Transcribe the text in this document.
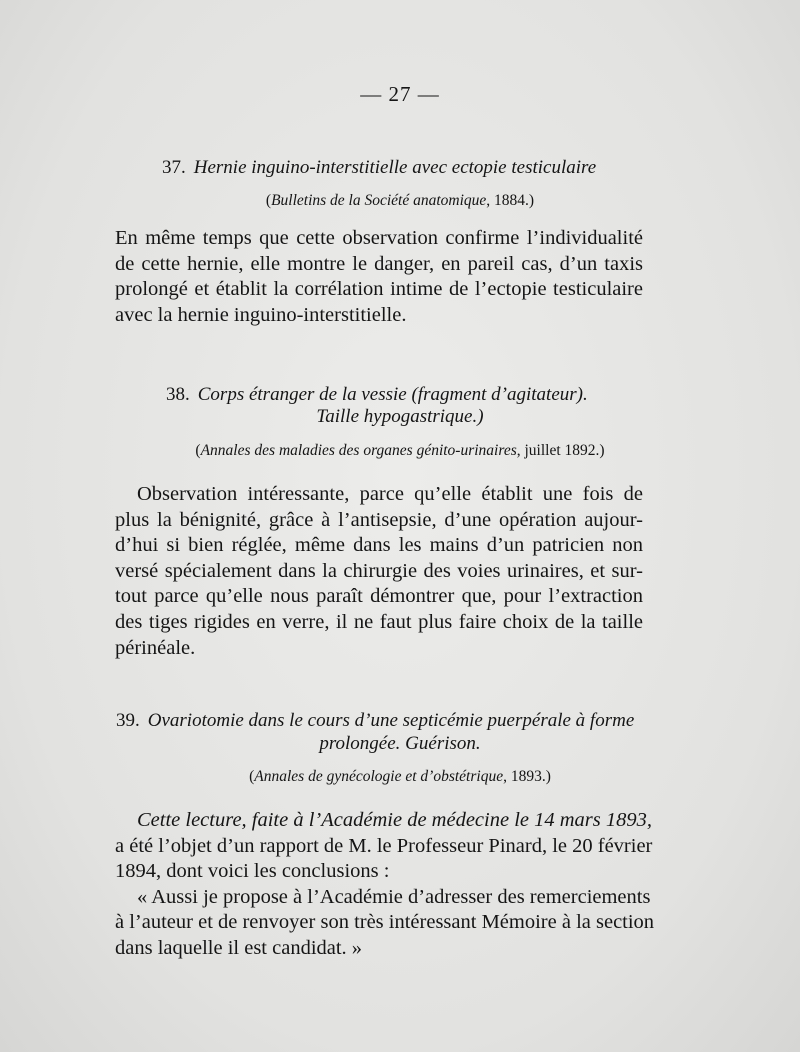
— 27 —
37. Hernie inguino-interstitielle avec ectopie testiculaire
(Bulletins de la Société anatomique, 1884.)
En même temps que cette observation confirme l’individualité
de cette hernie, elle montre le danger, en pareil cas, d’un taxis
prolongé et établit la corrélation intime de l’ectopie testiculaire
avec la hernie inguino-interstitielle.
38. Corps étranger de la vessie (fragment d’agitateur).
Taille hypogastrique.)
(Annales des maladies des organes génito-urinaires, juillet 1892.)
Observation intéressante, parce qu’elle établit une fois de
plus la bénignité, grâce à l’antisepsie, d’une opération aujour-
d’hui si bien réglée, même dans les mains d’un patricien non
versé spécialement dans la chirurgie des voies urinaires, et sur-
tout parce qu’elle nous paraît démontrer que, pour l’extraction
des tiges rigides en verre, il ne faut plus faire choix de la taille
périnéale.
39. Ovariotomie dans le cours d’une septicémie puerpérale à forme
prolongée. Guérison.
(Annales de gynécologie et d’obstétrique, 1893.)
Cette lecture, faite à l’Académie de médecine le 14 mars 1893,
a été l’objet d’un rapport de M. le Professeur Pinard, le 20 février
1894, dont voici les conclusions :
« Aussi je propose à l’Académie d’adresser des remerciements
à l’auteur et de renvoyer son très intéressant Mémoire à la section
dans laquelle il est candidat. »
